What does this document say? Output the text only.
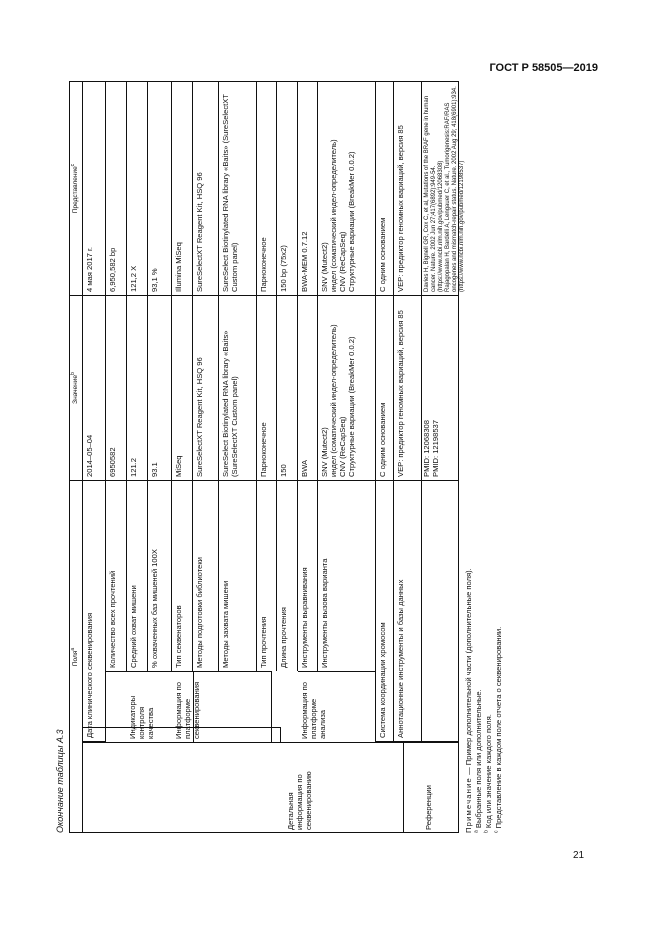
ГОСТ Р 58505—2019
Окончание таблицы А.3
Поля$^a$
Значение$^b$
Представление$^c$
Детальная информация по секвенированию	Референции
Дата клинического секвенирования
2014–05–04
4 мая 2017 г.
Индикаторы контроля качества
Количество всех прочтений
6950582
6,950,582 bp
Средний охват мишени
121.2
121,2 X
% охваченных баз мишеней 100X
93.1
93,1 %
Информация по платформе секвенирования
Тип секвенаторов
MiSeq
Illumina MiSeq
Методы подготовки библиотеки
SureSelectXT Reagent Kit, HSQ 96
SureSelectXT Reagent Kit, HSQ 96
Методы захвата мишени
SureSelect Biotinylated RNA library «Baits» (SureSelectXT Custom panel)
SureSelect Biotinylated RNA library «Baits» (SureSelectXT Custom panel)
Тип прочтения
Парноконечное
Парноконечное
Длина прочтения
150
150 bp (75x2)
Информация по платформе анализа
Инструменты выравнивания
BWA
BWA-MEM 0.7.12
Инструменты вызова варианта
SNV (Mutect2) индел (соматический индел-определитель) CNV (ReCapSeq) Структурные вариации (BreakMer 0.0.2)
SNV (Mutect2) индел (соматический индел-определитель) CNV (ReCapSeq) Структурные вариации (BreakMer 0.0.2)
Система координации хромосом
С одним основанием
С одним основанием
Аннотационные инструменты и базы данных
VEP: предиктор геномных вариаций, версия 85
VEP: предиктор геномных вариаций, версия 85
PMID: 12068308 PMID: 12198537
Davies H, Bignell GR, Cox C, et al, Mutations of the BRAF gene in human cancer. Nature. 2002 Jun 27;417(6892):949-54. (https://www.ncbi.nlm.nih.gov/pubmed/12068308) Rajagopalan H, Bardelli A, Lengauer C, et al., Tumorigenesis:RAF/RAS oncogenes and mismatch-repair status. Nature. 2002 Aug 29; 418(6901):934. (https://www.ncbi.nlm.nih.gov/pubmed/12198537)
Примечание — Пример дополнительной части (дополнительные поля).
$^a$ Выбранные поля или дополнительные.
$^b$ Код или значение каждого поля.
$^c$ Представление в каждом поле отчета о секвенировании.
21
